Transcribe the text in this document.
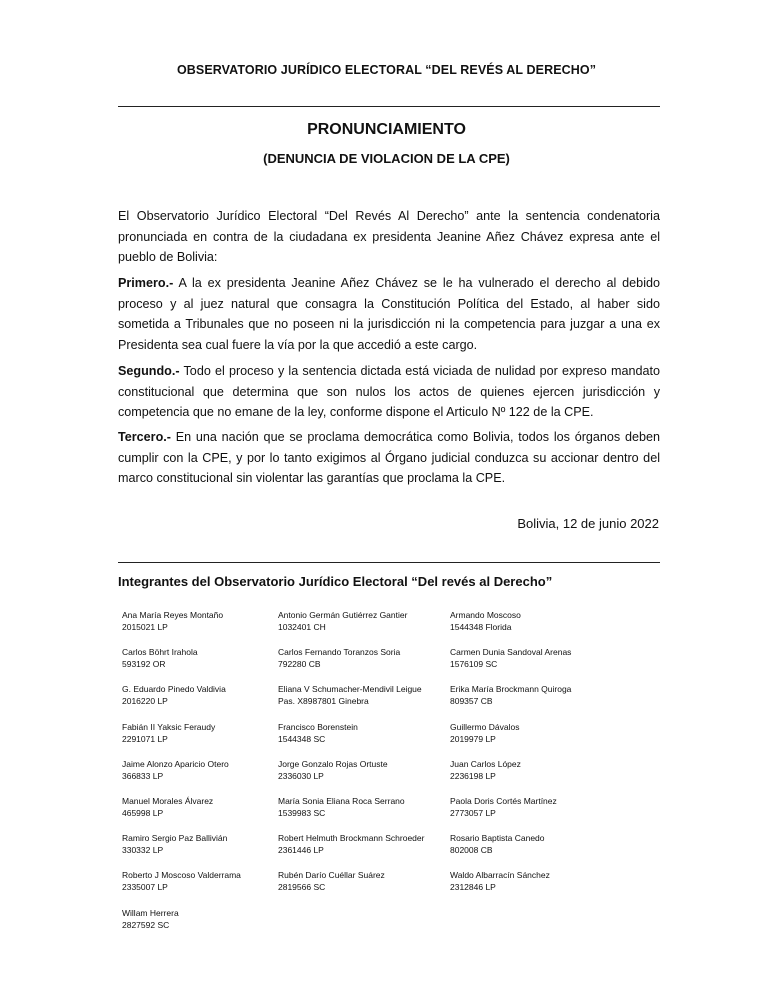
OBSERVATORIO JURÍDICO ELECTORAL “DEL REVÉS AL DERECHO”
PRONUNCIAMIENTO
(DENUNCIA DE VIOLACION DE LA CPE)

El Observatorio Jurídico Electoral “Del Revés Al Derecho” ante la sentencia condenatoria pronunciada en contra de la ciudadana ex presidenta Jeanine Añez Chávez expresa ante el pueblo de Bolivia:

Primero.- A la ex presidenta Jeanine Añez Chávez se le ha vulnerado el derecho al debido proceso y al juez natural que consagra la Constitución Política del Estado, al haber sido sometida a Tribunales que no poseen ni la jurisdicción ni la competencia para juzgar a una ex Presidenta sea cual fuere la vía por la que accedió a este cargo.

Segundo.- Todo el proceso y la sentencia dictada está viciada de nulidad por expreso mandato constitucional que determina que son nulos los actos de quienes ejercen jurisdicción y competencia que no emane de la ley, conforme dispone el Articulo Nº 122 de la CPE.

Tercero.- En una nación que se proclama democrática como Bolivia, todos los órganos deben cumplir con la CPE, y por lo tanto exigimos al Órgano judicial conduzca su accionar dentro del marco constitucional sin violentar las garantías que proclama la CPE.

Bolivia, 12 de junio 2022
Integrantes del Observatorio Jurídico Electoral “Del revés al Derecho”
Ana María Reyes Montaño
2015021 LP
Antonio Germán Gutiérrez Gantier
1032401 CH
Armando Moscoso
1544348 Florida
Carlos Böhrt Irahola
593192 OR
Carlos Fernando Toranzos Soria
792280 CB
Carmen Dunia Sandoval Arenas
1576109 SC
G. Eduardo Pinedo Valdivia
2016220 LP
Eliana V Schumacher-Mendivil Leigue
Pas. X8987801 Ginebra
Erika María Brockmann Quiroga
809357 CB
Fabián II Yaksic Feraudy
2291071 LP
Francisco Borenstein
1544348 SC
Guillermo Dávalos
2019979 LP
Jaime Alonzo Aparicio Otero
366833 LP
Jorge Gonzalo Rojas Ortuste
2336030 LP
Juan Carlos López
2236198 LP
Manuel Morales Álvarez
465998 LP
María Sonia Eliana Roca Serrano
1539983 SC
Paola Doris Cortés Martínez
2773057 LP
Ramiro Sergio Paz Ballivián
330332 LP
Robert Helmuth Brockmann Schroeder
2361446 LP
Rosario Baptista Canedo
802008 CB
Roberto J Moscoso Valderrama
2335007 LP
Rubén Darío Cuéllar Suárez
2819566 SC
Waldo Albarracín Sánchez
2312846 LP
Willam Herrera
2827592 SC
